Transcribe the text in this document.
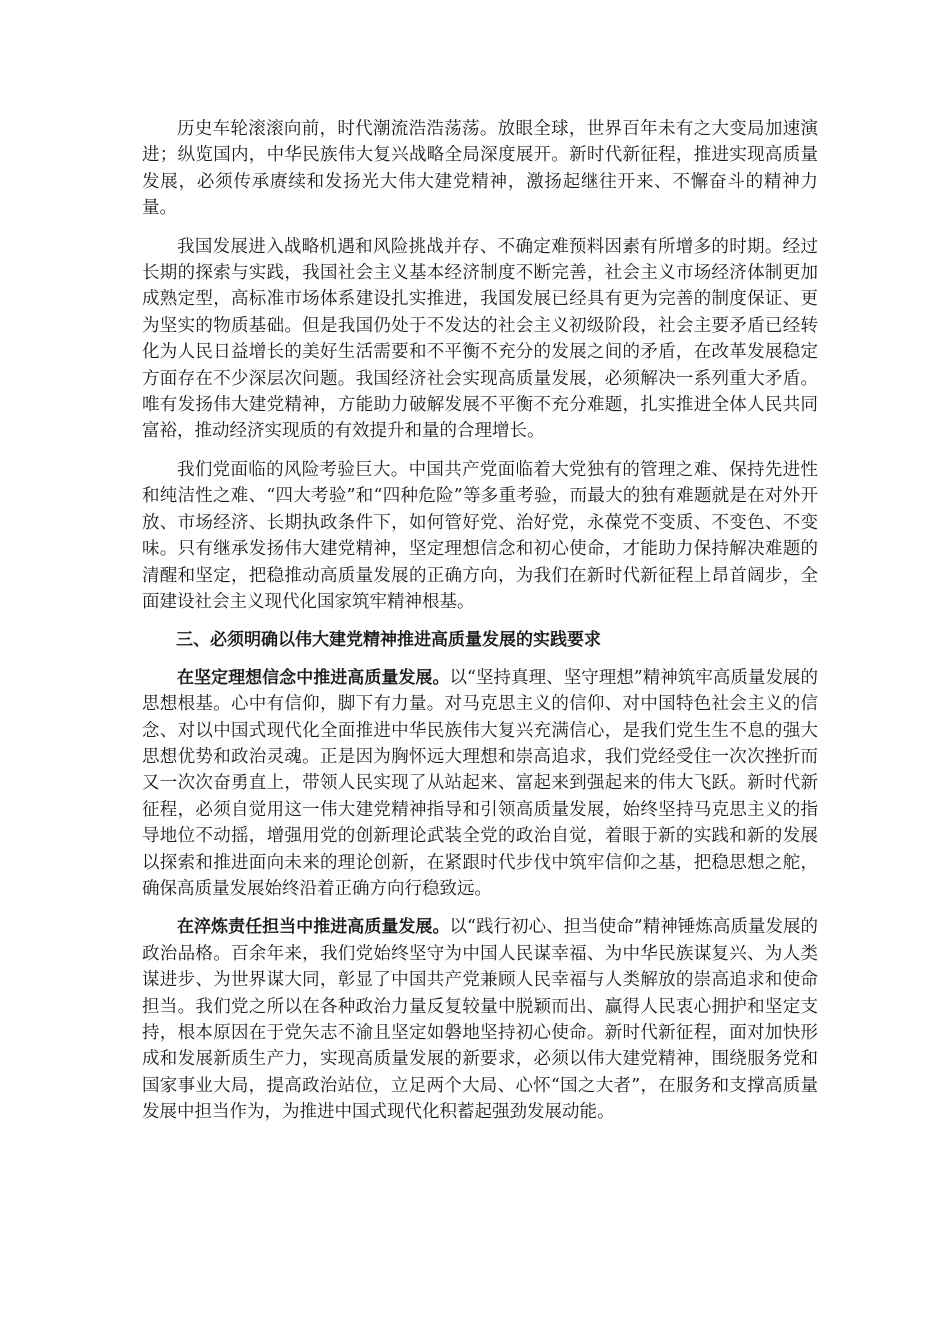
历史车轮滚滚向前，时代潮流浩浩荡荡。放眼全球，世界百年未有之大变局加速演进；纵览国内，中华民族伟大复兴战略全局深度展开。新时代新征程，推进实现高质量发展，必须传承赓续和发扬光大伟大建党精神，激扬起继往开来、不懈奋斗的精神力量。

我国发展进入战略机遇和风险挑战并存、不确定难预料因素有所增多的时期。经过长期的探索与实践，我国社会主义基本经济制度不断完善，社会主义市场经济体制更加成熟定型，高标准市场体系建设扎实推进，我国发展已经具有更为完善的制度保证、更为坚实的物质基础。但是我国仍处于不发达的社会主义初级阶段，社会主要矛盾已经转化为人民日益增长的美好生活需要和不平衡不充分的发展之间的矛盾，在改革发展稳定方面存在不少深层次问题。我国经济社会实现高质量发展，必须解决一系列重大矛盾。唯有发扬伟大建党精神，方能助力破解发展不平衡不充分难题，扎实推进全体人民共同富裕，推动经济实现质的有效提升和量的合理增长。

我们党面临的风险考验巨大。中国共产党面临着大党独有的管理之难、保持先进性和纯洁性之难、“四大考验”和“四种危险”等多重考验，而最大的独有难题就是在对外开放、市场经济、长期执政条件下，如何管好党、治好党，永葆党不变质、不变色、不变味。只有继承发扬伟大建党精神，坚定理想信念和初心使命，才能助力保持解决难题的清醒和坚定，把稳推动高质量发展的正确方向，为我们在新时代新征程上昂首阔步，全面建设社会主义现代化国家筑牢精神根基。

三、必须明确以伟大建党精神推进高质量发展的实践要求

在坚定理想信念中推进高质量发展。以“坚持真理、坚守理想”精神筑牢高质量发展的思想根基。心中有信仰，脚下有力量。对马克思主义的信仰、对中国特色社会主义的信念、对以中国式现代化全面推进中华民族伟大复兴充满信心，是我们党生生不息的强大思想优势和政治灵魂。正是因为胸怀远大理想和崇高追求，我们党经受住一次次挫折而又一次次奋勇直上，带领人民实现了从站起来、富起来到强起来的伟大飞跃。新时代新征程，必须自觉用这一伟大建党精神指导和引领高质量发展，始终坚持马克思主义的指导地位不动摇，增强用党的创新理论武装全党的政治自觉，着眼于新的实践和新的发展以探索和推进面向未来的理论创新，在紧跟时代步伐中筑牢信仰之基，把稳思想之舵，确保高质量发展始终沿着正确方向行稳致远。

在淬炼责任担当中推进高质量发展。以“践行初心、担当使命”精神锤炼高质量发展的政治品格。百余年来，我们党始终坚守为中国人民谋幸福、为中华民族谋复兴、为人类谋进步、为世界谋大同，彰显了中国共产党兼顾人民幸福与人类解放的崇高追求和使命担当。我们党之所以在各种政治力量反复较量中脱颖而出、赢得人民衷心拥护和坚定支持，根本原因在于党矢志不渝且坚定如磐地坚持初心使命。新时代新征程，面对加快形成和发展新质生产力，实现高质量发展的新要求，必须以伟大建党精神，围绕服务党和国家事业大局，提高政治站位，立足两个大局、心怀“国之大者”，在服务和支撑高质量发展中担当作为，为推进中国式现代化积蓄起强劲发展动能。
